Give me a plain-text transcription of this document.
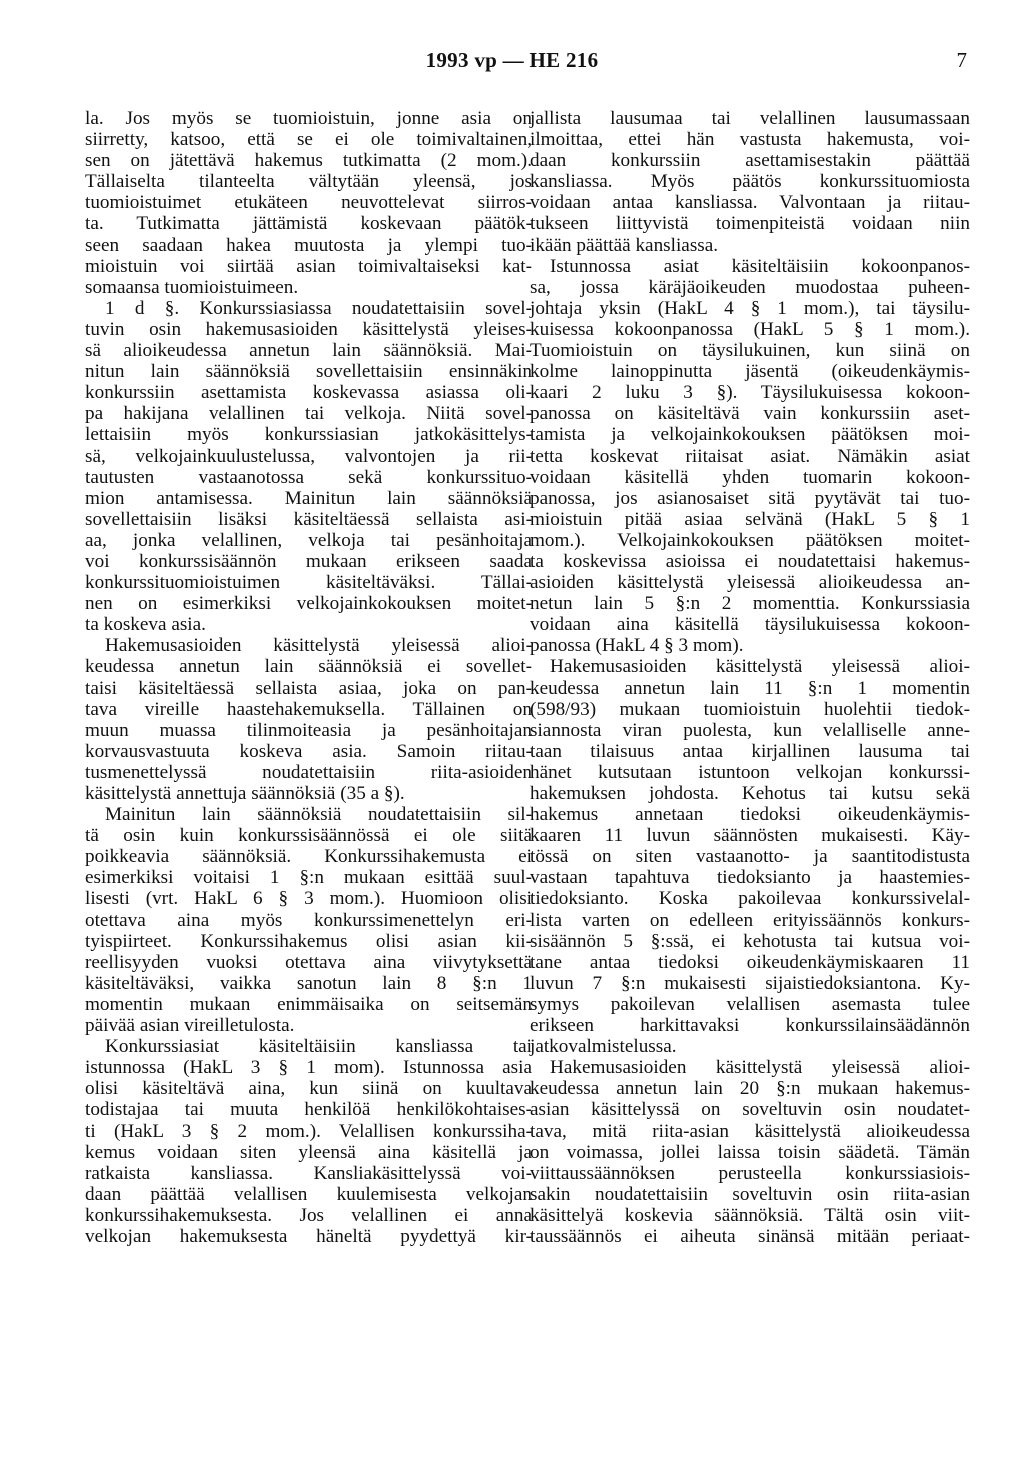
1993 vp — HE 216	7
la. Jos myös se tuomioistuin, jonne asia on
siirretty, katsoo, että se ei ole toimivaltainen,
sen on jätettävä hakemus tutkimatta (2 mom.).
Tällaiselta tilanteelta vältytään yleensä, jos
tuomioistuimet etukäteen neuvottelevat siirros-
ta. Tutkimatta jättämistä koskevaan päätök-
seen saadaan hakea muutosta ja ylempi tuo-
mioistuin voi siirtää asian toimivaltaiseksi kat-
somaansa tuomioistuimeen.
1 d §. Konkurssiasiassa noudatettaisiin sovel-
tuvin osin hakemusasioiden käsittelystä yleises-
sä alioikeudessa annetun lain säännöksiä. Mai-
nitun lain säännöksiä sovellettaisiin ensinnäkin
konkurssiin asettamista koskevassa asiassa oli-
pa hakijana velallinen tai velkoja. Niitä sovel-
lettaisiin myös konkurssiasian jatkokäsittelys-
sä, velkojainkuulustelussa, valvontojen ja rii-
tautusten vastaanotossa sekä konkurssituo-
mion antamisessa. Mainitun lain säännöksiä
sovellettaisiin lisäksi käsiteltäessä sellaista asi-
aa, jonka velallinen, velkoja tai pesänhoitaja
voi konkurssisäännön mukaan erikseen saada
konkurssituomioistuimen käsiteltäväksi. Tällai-
nen on esimerkiksi velkojainkokouksen moitet-
ta koskeva asia.
Hakemusasioiden käsittelystä yleisessä alioi-
keudessa annetun lain säännöksiä ei sovellet-
taisi käsiteltäessä sellaista asiaa, joka on pan-
tava vireille haastehakemuksella. Tällainen on
muun muassa tilinmoiteasia ja pesänhoitajan
korvausvastuuta koskeva asia. Samoin riitau-
tusmenettelyssä noudatettaisiin riita-asioiden
käsittelystä annettuja säännöksiä (35 a §).
Mainitun lain säännöksiä noudatettaisiin sil-
tä osin kuin konkurssisäännössä ei ole siitä
poikkeavia säännöksiä. Konkurssihakemusta ei
esimerkiksi voitaisi 1 §:n mukaan esittää suul-
lisesti (vrt. HakL 6 § 3 mom.). Huomioon olisi
otettava aina myös konkurssimenettelyn eri-
tyispiirteet. Konkurssihakemus olisi asian kii-
reellisyyden vuoksi otettava aina viivytyksettä
käsiteltäväksi, vaikka sanotun lain 8 §:n 1
momentin mukaan enimmäisaika on seitsemän
päivää asian vireilletulosta.
Konkurssiasiat käsiteltäisiin kansliassa tai
istunnossa (HakL 3 § 1 mom). Istunnossa asia
olisi käsiteltävä aina, kun siinä on kuultava
todistajaa tai muuta henkilöä henkilökohtaises-
ti (HakL 3 § 2 mom.). Velallisen konkurssiha-
kemus voidaan siten yleensä aina käsitellä ja
ratkaista kansliassa. Kansliakäsittelyssä voi-
daan päättää velallisen kuulemisesta velkojan
konkurssihakemuksesta. Jos velallinen ei anna
velkojan hakemuksesta häneltä pyydettyä kir-
jallista lausumaa tai velallinen lausumassaan
ilmoittaa, ettei hän vastusta hakemusta, voi-
daan konkurssiin asettamisestakin päättää
kansliassa. Myös päätös konkurssituomiosta
voidaan antaa kansliassa. Valvontaan ja riitau-
tukseen liittyvistä toimenpiteistä voidaan niin
ikään päättää kansliassa.
Istunnossa asiat käsiteltäisiin kokoonpanos-
sa, jossa käräjäoikeuden muodostaa puheen-
johtaja yksin (HakL 4 § 1 mom.), tai täysilu-
kuisessa kokoonpanossa (HakL 5 § 1 mom.).
Tuomioistuin on täysilukuinen, kun siinä on
kolme lainoppinutta jäsentä (oikeudenkäymis-
kaari 2 luku 3 §). Täysilukuisessa kokoon-
panossa on käsiteltävä vain konkurssiin aset-
tamista ja velkojainkokouksen päätöksen moi-
tetta koskevat riitaisat asiat. Nämäkin asiat
voidaan käsitellä yhden tuomarin kokoon-
panossa, jos asianosaiset sitä pyytävät tai tuo-
mioistuin pitää asiaa selvänä (HakL 5 § 1
mom.). Velkojainkokouksen päätöksen moitet-
ta koskevissa asioissa ei noudatettaisi hakemus-
asioiden käsittelystä yleisessä alioikeudessa an-
netun lain 5 §:n 2 momenttia. Konkurssiasia
voidaan aina käsitellä täysilukuisessa kokoon-
panossa (HakL 4 § 3 mom).
Hakemusasioiden käsittelystä yleisessä alioi-
keudessa annetun lain 11 §:n 1 momentin
(598/93) mukaan tuomioistuin huolehtii tiedok-
siannosta viran puolesta, kun velalliselle anne-
taan tilaisuus antaa kirjallinen lausuma tai
hänet kutsutaan istuntoon velkojan konkurssi-
hakemuksen johdosta. Kehotus tai kutsu sekä
hakemus annetaan tiedoksi oikeudenkäymis-
kaaren 11 luvun säännösten mukaisesti. Käy-
tössä on siten vastaanotto- ja saantitodistusta
vastaan tapahtuva tiedoksianto ja haastemies-
tiedoksianto. Koska pakoilevaa konkurssivelal-
lista varten on edelleen erityissäännös konkurs-
sisäännön 5 §:ssä, ei kehotusta tai kutsua voi-
tane antaa tiedoksi oikeudenkäymiskaaren 11
luvun 7 §:n mukaisesti sijaistiedoksiantona. Ky-
symys pakoilevan velallisen asemasta tulee
erikseen harkittavaksi konkurssilainsäädännön
jatkovalmistelussa.
Hakemusasioiden käsittelystä yleisessä alioi-
keudessa annetun lain 20 §:n mukaan hakemus-
asian käsittelyssä on soveltuvin osin noudatet-
tava, mitä riita-asian käsittelystä alioikeudessa
on voimassa, jollei laissa toisin säädetä. Tämän
viittaussäännöksen perusteella konkurssiasiois-
sakin noudatettaisiin soveltuvin osin riita-asian
käsittelyä koskevia säännöksiä. Tältä osin viit-
taussäännös ei aiheuta sinänsä mitään periaat-
